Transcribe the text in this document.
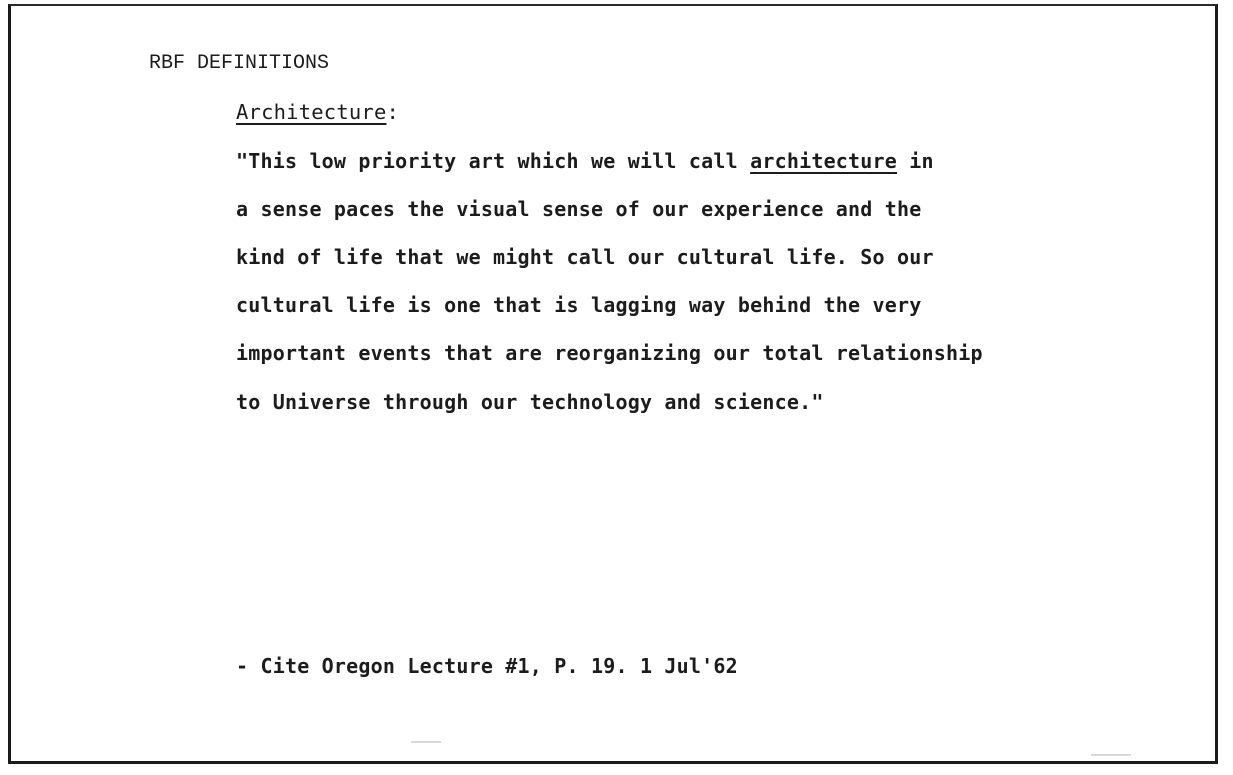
RBF DEFINITIONS
Architecture:
"This low priority art which we will call architecture in
a sense paces the visual sense of our experience and the
kind of life that we might call our cultural life. So our
cultural life is one that is lagging way behind the very
important events that are reorganizing our total relationship
to Universe through our technology and science."
- Cite Oregon Lecture #1, P. 19. 1 Jul'62
